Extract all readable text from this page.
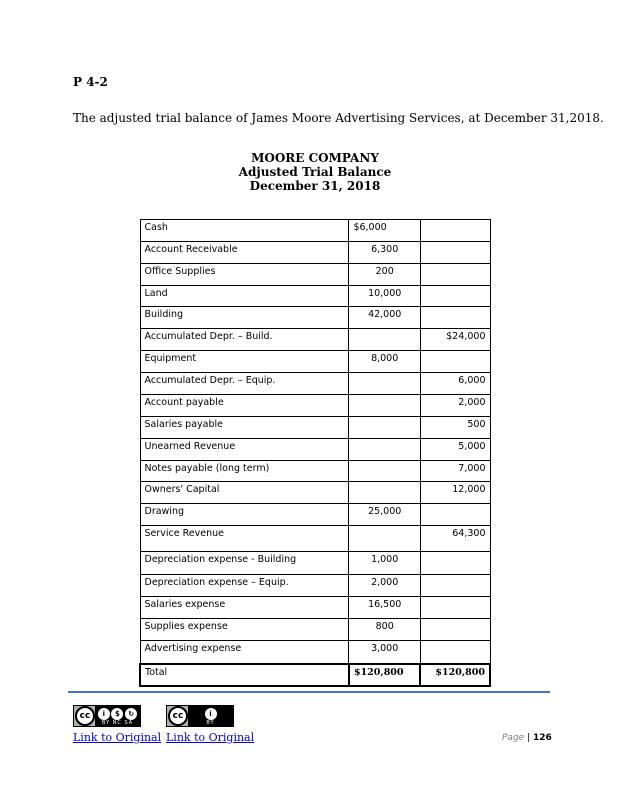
P 4-2
The adjusted trial balance of James Moore Advertising Services, at December 31,2018.
MOORE COMPANY
Adjusted Trial Balance
December 31, 2018
Cash	$6,000	
Account Receivable	6,300	
Office Supplies	200	
Land	10,000	
Building	42,000	
Accumulated Depr. – Build.		$24,000
Equipment	8,000	
Accumulated Depr. – Equip.		6,000
Account payable		2,000
Salaries payable		500
Unearned Revenue		5,000
Notes payable (long term)		7,000
Owners' Capital		12,000
Drawing	25,000	
Service Revenue		64,300
Depreciation expense - Building	1,000	
Depreciation expense – Equip.	2,000	
Salaries expense	16,500	
Supplies expense	800	
Advertising expense	3,000	
Total	$120,800	$120,800
cc	i	$	↻
BY NC SA
cc	i
BY
Link to Original Link to Original	Page | 126
